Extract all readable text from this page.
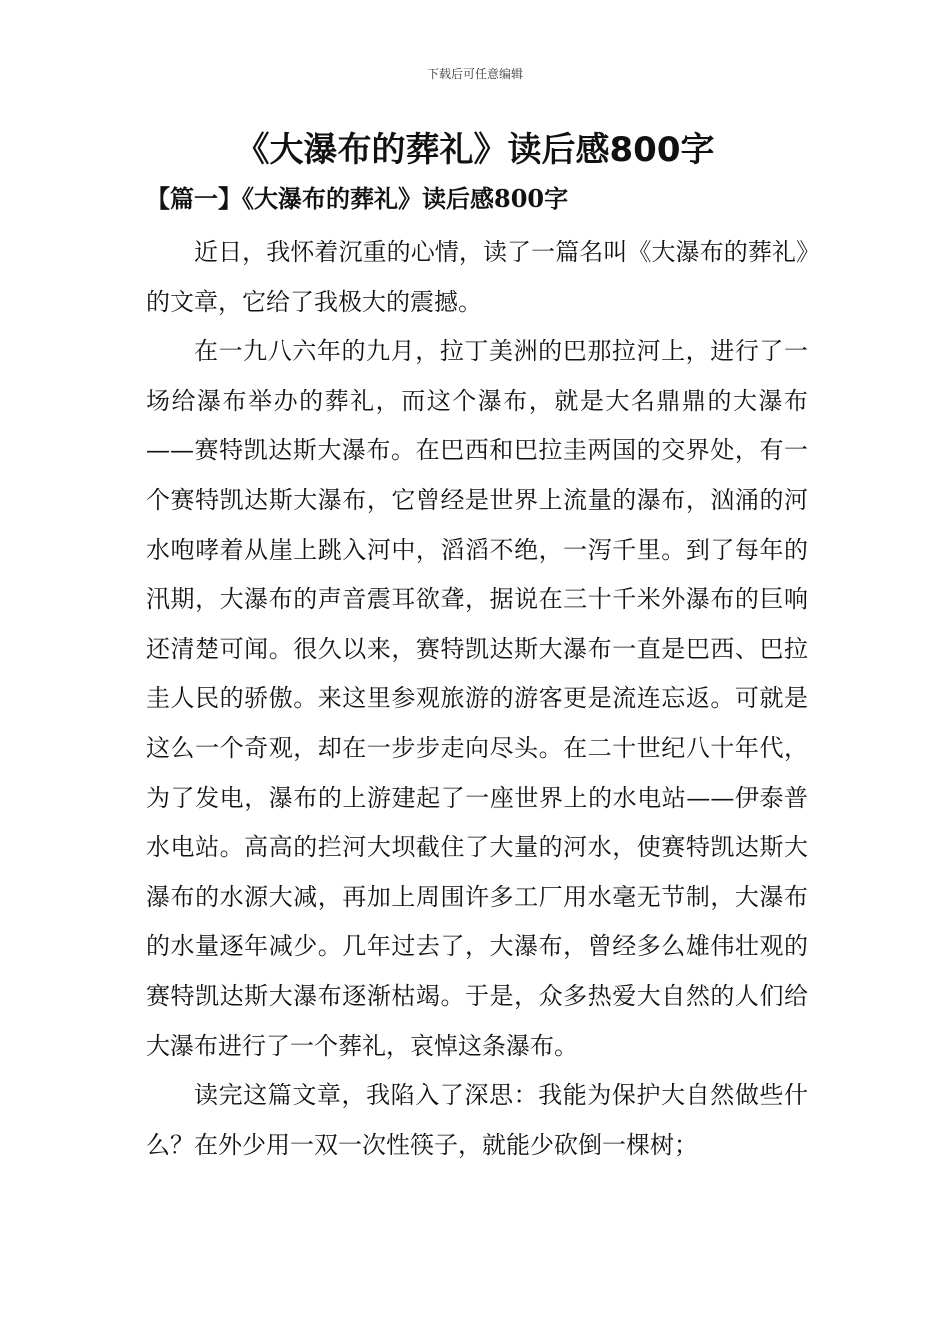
下载后可任意编辑
《大瀑布的葬礼》读后感800字
【篇一】《大瀑布的葬礼》读后感800字

近日，我怀着沉重的心情，读了一篇名叫《大瀑布的葬礼》的文章，它给了我极大的震撼。

在一九八六年的九月，拉丁美洲的巴那拉河上，进行了一场给瀑布举办的葬礼，而这个瀑布，就是大名鼎鼎的大瀑布——赛特凯达斯大瀑布。在巴西和巴拉圭两国的交界处，有一个赛特凯达斯大瀑布，它曾经是世界上流量的瀑布，汹涌的河水咆哮着从崖上跳入河中，滔滔不绝，一泻千里。到了每年的汛期，大瀑布的声音震耳欲聋，据说在三十千米外瀑布的巨响还清楚可闻。很久以来，赛特凯达斯大瀑布一直是巴西、巴拉圭人民的骄傲。来这里参观旅游的游客更是流连忘返。可就是这么一个奇观，却在一步步走向尽头。在二十世纪八十年代，为了发电，瀑布的上游建起了一座世界上的水电站——伊泰普水电站。高高的拦河大坝截住了大量的河水，使赛特凯达斯大瀑布的水源大减，再加上周围许多工厂用水毫无节制，大瀑布的水量逐年减少。几年过去了，大瀑布，曾经多么雄伟壮观的赛特凯达斯大瀑布逐渐枯竭。于是，众多热爱大自然的人们给大瀑布进行了一个葬礼，哀悼这条瀑布。

读完这篇文章，我陷入了深思：我能为保护大自然做些什么？在外少用一双一次性筷子，就能少砍倒一棵树；
